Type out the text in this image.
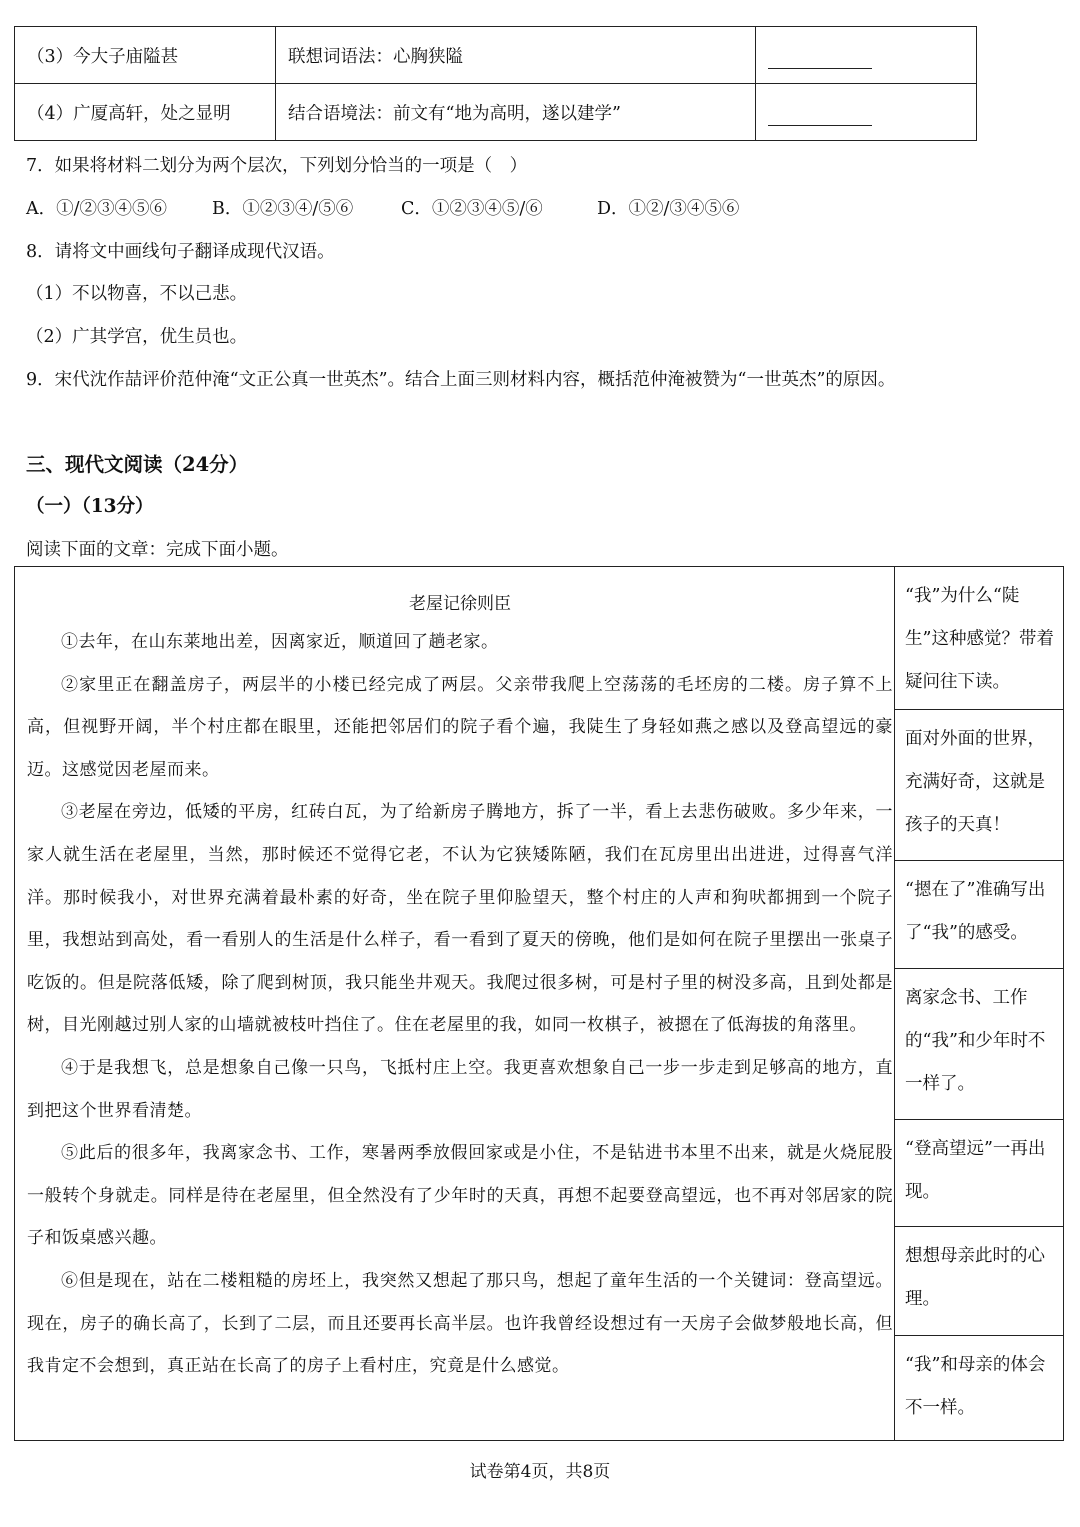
（3）今大子庙隘甚	联想词语法：心胸狭隘	
（4）广厦高轩，处之显明	结合语境法：前文有“地为高明，遂以建学”	
7．如果将材料二划分为两个层次，下列划分恰当的一项是（　）
A．①/②③④⑤⑥	B．①②③④/⑤⑥	C．①②③④⑤/⑥	D．①②/③④⑤⑥
8．请将文中画线句子翻译成现代汉语。
（1）不以物喜，不以己悲。
（2）广其学宫，优生员也。
9．宋代沈作喆评价范仲淹“文正公真一世英杰”。结合上面三则材料内容，概括范仲淹被赞为“一世英杰”的原因。
三、现代文阅读（24分）
（一）（13分）
阅读下面的文章：完成下面小题。
老屋记徐则臣

①去年，在山东莱地出差，因离家近，顺道回了趟老家。

②家里正在翻盖房子，两层半的小楼已经完成了两层。父亲带我爬上空荡荡的毛坯房的二楼。房子算不上高，但视野开阔，半个村庄都在眼里，还能把邻居们的院子看个遍，我陡生了身轻如燕之感以及登高望远的豪迈。这感觉因老屋而来。

③老屋在旁边，低矮的平房，红砖白瓦，为了给新房子腾地方，拆了一半，看上去悲伤破败。多少年来，一家人就生活在老屋里，当然，那时候还不觉得它老，不认为它狭矮陈陋，我们在瓦房里出出进进，过得喜气洋洋。那时候我小，对世界充满着最朴素的好奇，坐在院子里仰脸望天，整个村庄的人声和狗吠都拥到一个院子里，我想站到高处，看一看别人的生活是什么样子，看一看到了夏天的傍晚，他们是如何在院子里摆出一张桌子吃饭的。但是院落低矮，除了爬到树顶，我只能坐井观天。我爬过很多树，可是村子里的树没多高，且到处都是树，目光刚越过别人家的山墙就被枝叶挡住了。住在老屋里的我，如同一枚棋子，被摁在了低海拔的角落里。

④于是我想飞，总是想象自己像一只鸟，飞抵村庄上空。我更喜欢想象自己一步一步走到足够高的地方，直到把这个世界看清楚。

⑤此后的很多年，我离家念书、工作，寒暑两季放假回家或是小住，不是钻进书本里不出来，就是火烧屁股一般转个身就走。同样是待在老屋里，但全然没有了少年时的天真，再想不起要登高望远，也不再对邻居家的院子和饭桌感兴趣。

⑥但是现在，站在二楼粗糙的房坯上，我突然又想起了那只鸟，想起了童年生活的一个关键词：登高望远。现在，房子的确长高了，长到了二层，而且还要再长高半层。也许我曾经设想过有一天房子会做梦般地长高，但我肯定不会想到，真正站在长高了的房子上看村庄，究竟是什么感觉。

“我”为什么“陡生”这种感觉？带着疑问往下读。
面对外面的世界，充满好奇，这就是孩子的天真！
“摁在了”准确写出了“我”的感受。
离家念书、工作的“我”和少年时不一样了。
“登高望远”一再出现。
想想母亲此时的心理。
“我”和母亲的体会不一样。
试卷第4页，共8页
